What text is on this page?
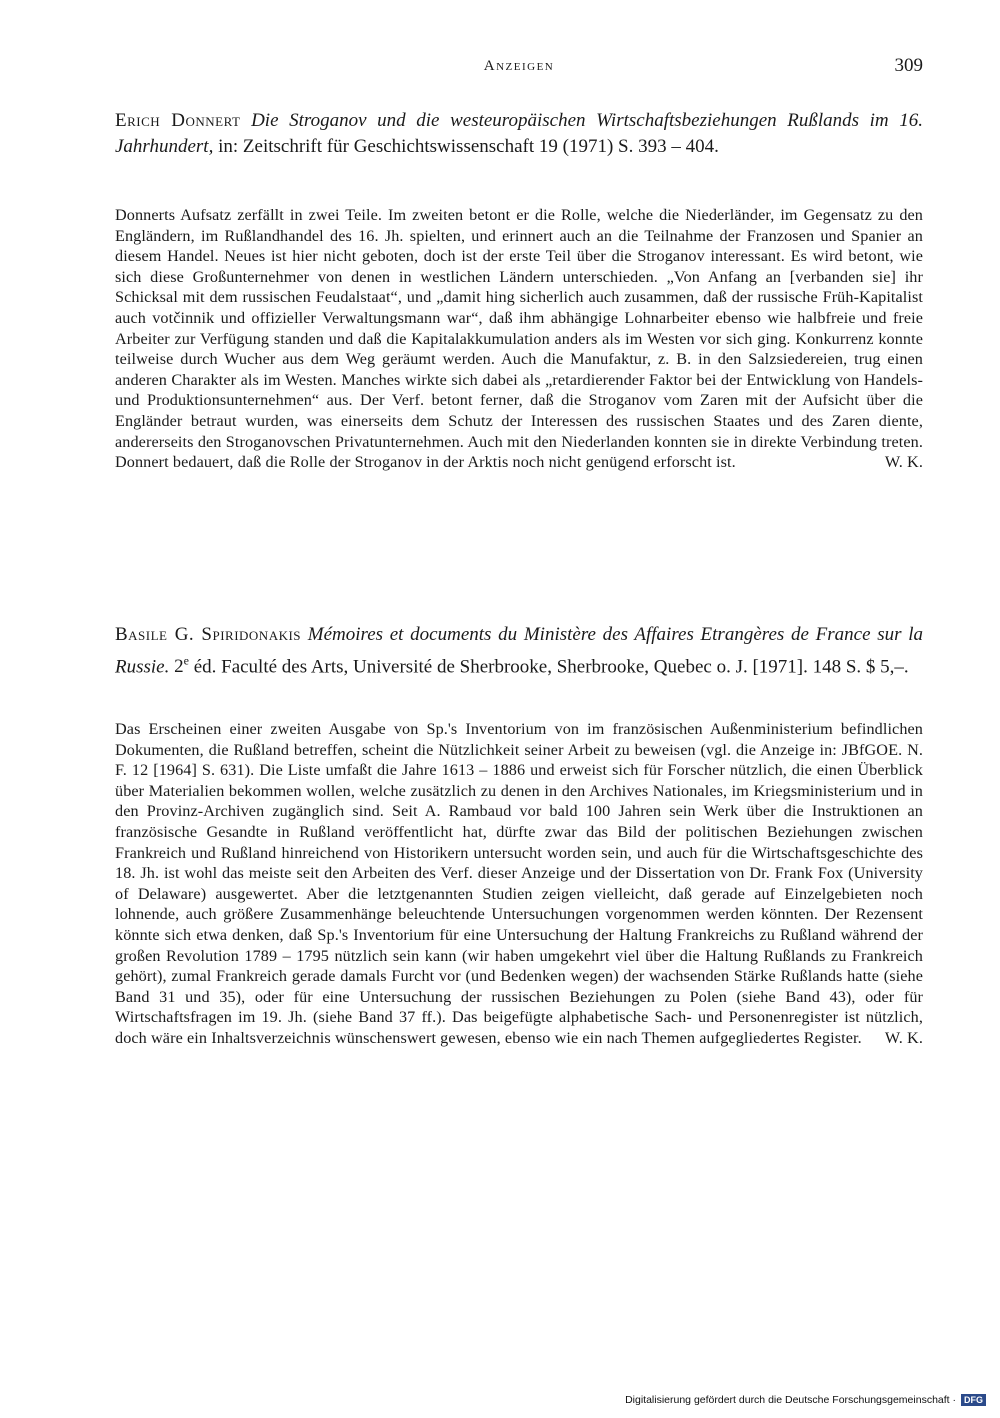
Anzeigen	309
Erich Donnert Die Stroganov und die westeuropäischen Wirtschaftsbeziehungen Rußlands im 16. Jahrhundert, in: Zeitschrift für Geschichtswissenschaft 19 (1971) S. 393 – 404.
Donnerts Aufsatz zerfällt in zwei Teile. Im zweiten betont er die Rolle, welche die Niederländer, im Gegensatz zu den Engländern, im Rußlandhandel des 16. Jh. spielten, und erinnert auch an die Teilnahme der Franzosen und Spanier an diesem Handel. Neues ist hier nicht geboten, doch ist der erste Teil über die Stroganov interessant. Es wird betont, wie sich diese Großunternehmer von denen in westlichen Ländern unterschieden. „Von Anfang an [verbanden sie] ihr Schicksal mit dem russischen Feudalstaat“, und „damit hing sicherlich auch zusammen, daß der russische Früh-Kapitalist auch votčinnik und offizieller Verwaltungsmann war“, daß ihm abhängige Lohnarbeiter ebenso wie halbfreie und freie Arbeiter zur Verfügung standen und daß die Kapitalakkumulation anders als im Westen vor sich ging. Konkurrenz konnte teilweise durch Wucher aus dem Weg geräumt werden. Auch die Manufaktur, z. B. in den Salzsiedereien, trug einen anderen Charakter als im Westen. Manches wirkte sich dabei als „retardierender Faktor bei der Entwicklung von Handels- und Produktionsunternehmen“ aus. Der Verf. betont ferner, daß die Stroganov vom Zaren mit der Aufsicht über die Engländer betraut wurden, was einerseits dem Schutz der Interessen des russischen Staates und des Zaren diente, andererseits den Stroganovschen Privatunternehmen. Auch mit den Niederlanden konnten sie in direkte Verbindung treten. Donnert bedauert, daß die Rolle der Stroganov in der Arktis noch nicht genügend erforscht ist.	W. K.
Basile G. Spiridonakis Mémoires et documents du Ministère des Affaires Etrangères de France sur la Russie. 2e éd. Faculté des Arts, Université de Sherbrooke, Sherbrooke, Quebec o. J. [1971]. 148 S. $ 5,–.
Das Erscheinen einer zweiten Ausgabe von Sp.'s Inventorium von im französischen Außenministerium befindlichen Dokumenten, die Rußland betreffen, scheint die Nützlichkeit seiner Arbeit zu beweisen (vgl. die Anzeige in: JBfGOE. N. F. 12 [1964] S. 631). Die Liste umfaßt die Jahre 1613 – 1886 und erweist sich für Forscher nützlich, die einen Überblick über Materialien bekommen wollen, welche zusätzlich zu denen in den Archives Nationales, im Kriegsministerium und in den Provinz-Archiven zugänglich sind. Seit A. Rambaud vor bald 100 Jahren sein Werk über die Instruktionen an französische Gesandte in Rußland veröffentlicht hat, dürfte zwar das Bild der politischen Beziehungen zwischen Frankreich und Rußland hinreichend von Historikern untersucht worden sein, und auch für die Wirtschaftsgeschichte des 18. Jh. ist wohl das meiste seit den Arbeiten des Verf. dieser Anzeige und der Dissertation von Dr. Frank Fox (University of Delaware) ausgewertet. Aber die letztgenannten Studien zeigen vielleicht, daß gerade auf Einzelgebieten noch lohnende, auch größere Zusammenhänge beleuchtende Untersuchungen vorgenommen werden könnten. Der Rezensent könnte sich etwa denken, daß Sp.'s Inventorium für eine Untersuchung der Haltung Frankreichs zu Rußland während der großen Revolution 1789 – 1795 nützlich sein kann (wir haben umgekehrt viel über die Haltung Rußlands zu Frankreich gehört), zumal Frankreich gerade damals Furcht vor (und Bedenken wegen) der wachsenden Stärke Rußlands hatte (siehe Band 31 und 35), oder für eine Untersuchung der russischen Beziehungen zu Polen (siehe Band 43), oder für Wirtschaftsfragen im 19. Jh. (siehe Band 37 ff.). Das beigefügte alphabetische Sach- und Personenregister ist nützlich, doch wäre ein Inhaltsverzeichnis wünschenswert gewesen, ebenso wie ein nach Themen aufgegliedertes Register. W. K.
Digitalisierung gefördert durch die Deutsche Forschungsgemeinschaft · DFG
